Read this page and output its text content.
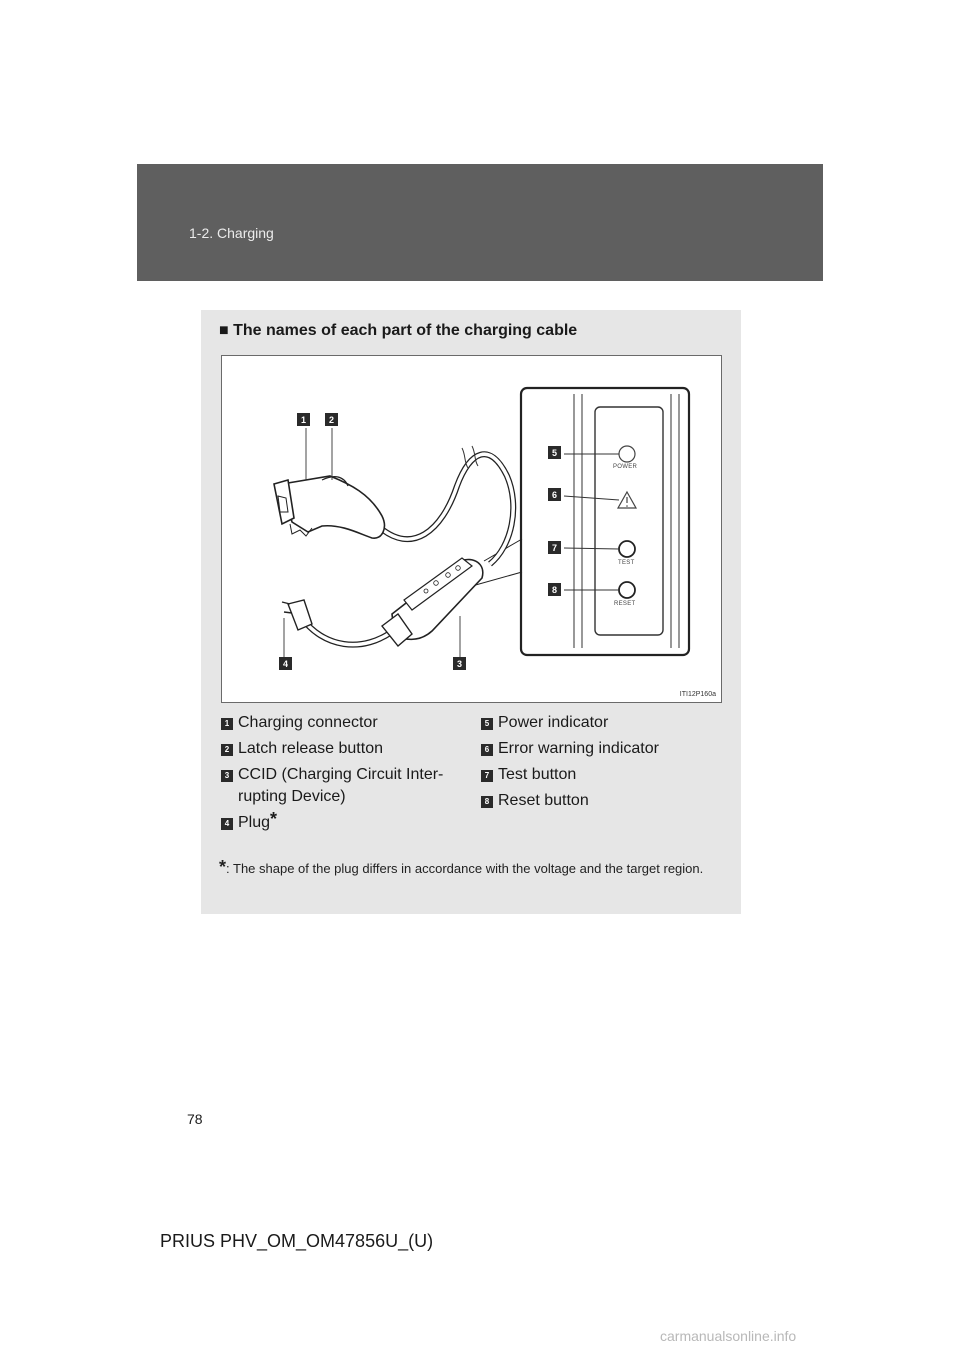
1-2. Charging
■ The names of each part of the charging cable
1	2
3
4
5
6
7
8
POWER
TEST
RESET
ITI12P160a
1 Charging connector
2 Latch release button
3 CCID (Charging Circuit Inter-
rupting Device)
4 Plug*
5 Power indicator
6 Error warning indicator
7 Test button
8 Reset button
*: The shape of the plug differs in accordance with the voltage and the target region.
78
PRIUS PHV_OM_OM47856U_(U)
carmanualsonline.info
